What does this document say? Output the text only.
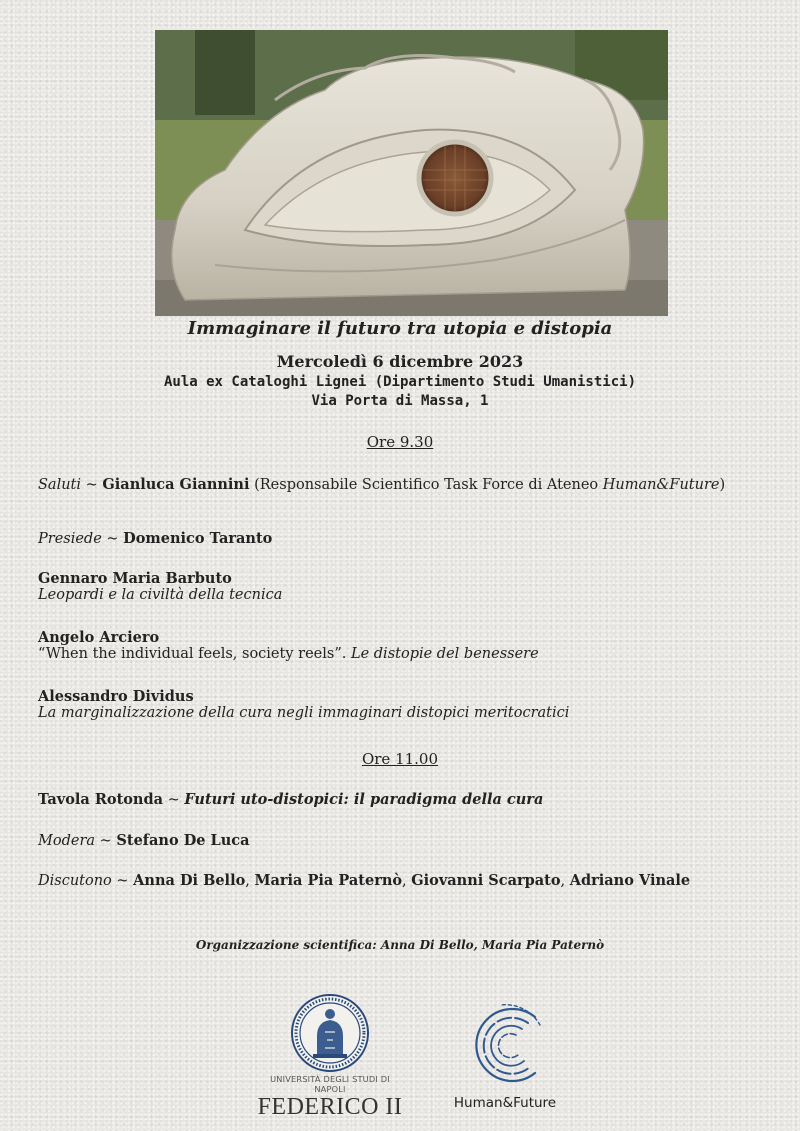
Immaginare il futuro tra utopia e distopia
Mercoledì 6 dicembre 2023
Aula ex Cataloghi Lignei (Dipartimento Studi Umanistici)
Via Porta di Massa, 1
Ore 9.30
Saluti ~ Gianluca Giannini (Responsabile Scientifico Task Force di Ateneo Human&Future)
Presiede ~ Domenico Taranto
Gennaro Maria Barbuto
Leopardi e la civiltà della tecnica
Angelo Arciero
“When the individual feels, society reels”. Le distopie del benessere
Alessandro Dividus
La marginalizzazione della cura negli immaginari distopici meritocratici
Ore 11.00
Tavola Rotonda ~ Futuri uto-distopici: il paradigma della cura
Modera ~ Stefano De Luca
Discutono ~ Anna Di Bello, Maria Pia Paternò, Giovanni Scarpato, Adriano Vinale
Organizzazione scientifica: Anna Di Bello, Maria Pia Paternò
UNIVERSITÀ DEGLI STUDI DI NAPOLI
FEDERICO II	Human&Future
